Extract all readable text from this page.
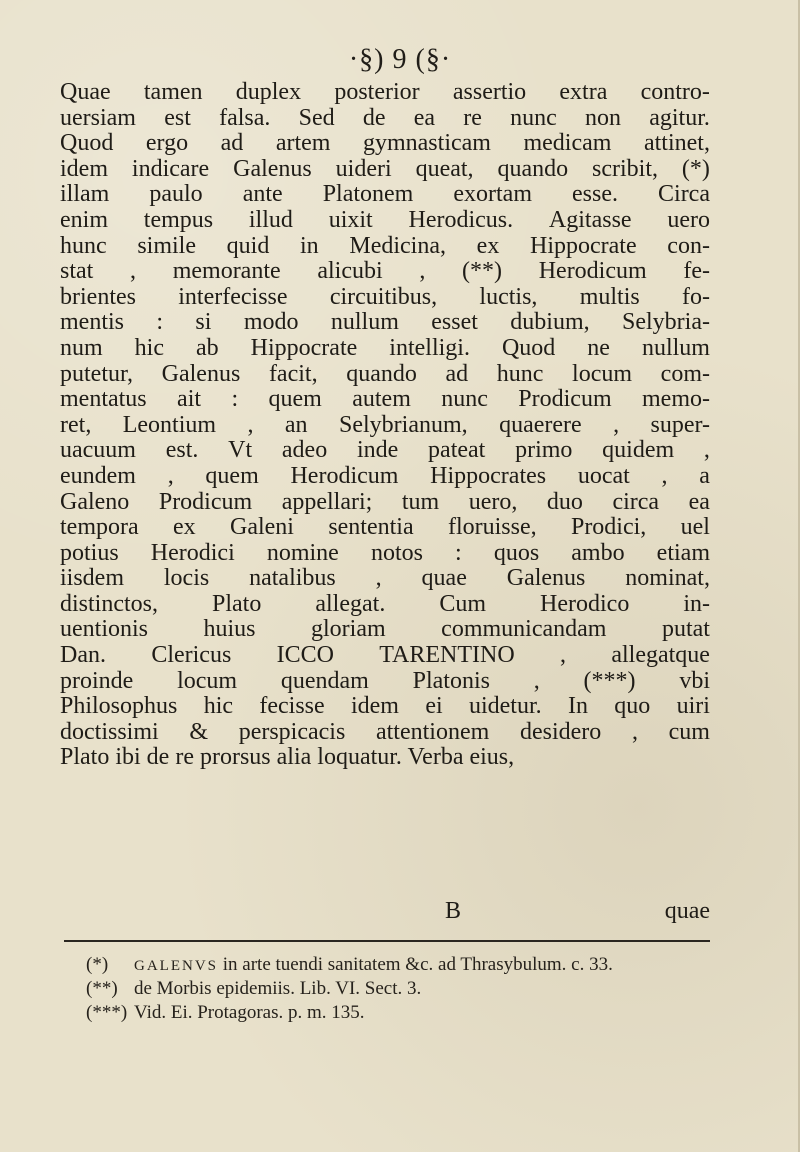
·§) 9 (§·
Quae tamen duplex posterior assertio extra contro-
uersiam est falsa. Sed de ea re nunc non agitur.
Quod ergo ad artem gymnasticam medicam attinet,
idem indicare Galenus uideri queat, quando scribit, (*)
illam paulo ante Platonem exortam esse. Circa
enim tempus illud uixit Herodicus. Agitasse uero
hunc simile quid in Medicina, ex Hippocrate con-
stat , memorante alicubi , (**) Herodicum fe-
brientes interfecisse circuitibus, luctis, multis fo-
mentis : si modo nullum esset dubium, Selybria-
num hic ab Hippocrate intelligi. Quod ne nullum
putetur, Galenus facit, quando ad hunc locum com-
mentatus ait : quem autem nunc Prodicum memo-
ret, Leontium , an Selybrianum, quaerere , super-
uacuum est. Vt adeo inde pateat primo quidem ,
eundem , quem Herodicum Hippocrates uocat , a
Galeno Prodicum appellari; tum uero, duo circa ea
tempora ex Galeni sententia floruisse, Prodici, uel
potius Herodici nomine notos : quos ambo etiam
iisdem locis natalibus , quae Galenus nominat,
distinctos, Plato allegat. Cum Herodico in-
uentionis huius gloriam communicandam putat
Dan. Clericus ICCO TARENTINO , allegatque
proinde locum quendam Platonis , (***) vbi
Philosophus hic fecisse idem ei uidetur. In quo uiri
doctissimi & perspicacis attentionem desidero , cum
Plato ibi de re prorsus alia loquatur. Verba eius,
B	quae
(*) GALENVS in arte tuendi sanitatem &c. ad Thrasybulum. c. 33.
(**) de Morbis epidemiis. Lib. VI. Sect. 3.
(***) Vid. Ei. Protagoras. p. m. 135.
